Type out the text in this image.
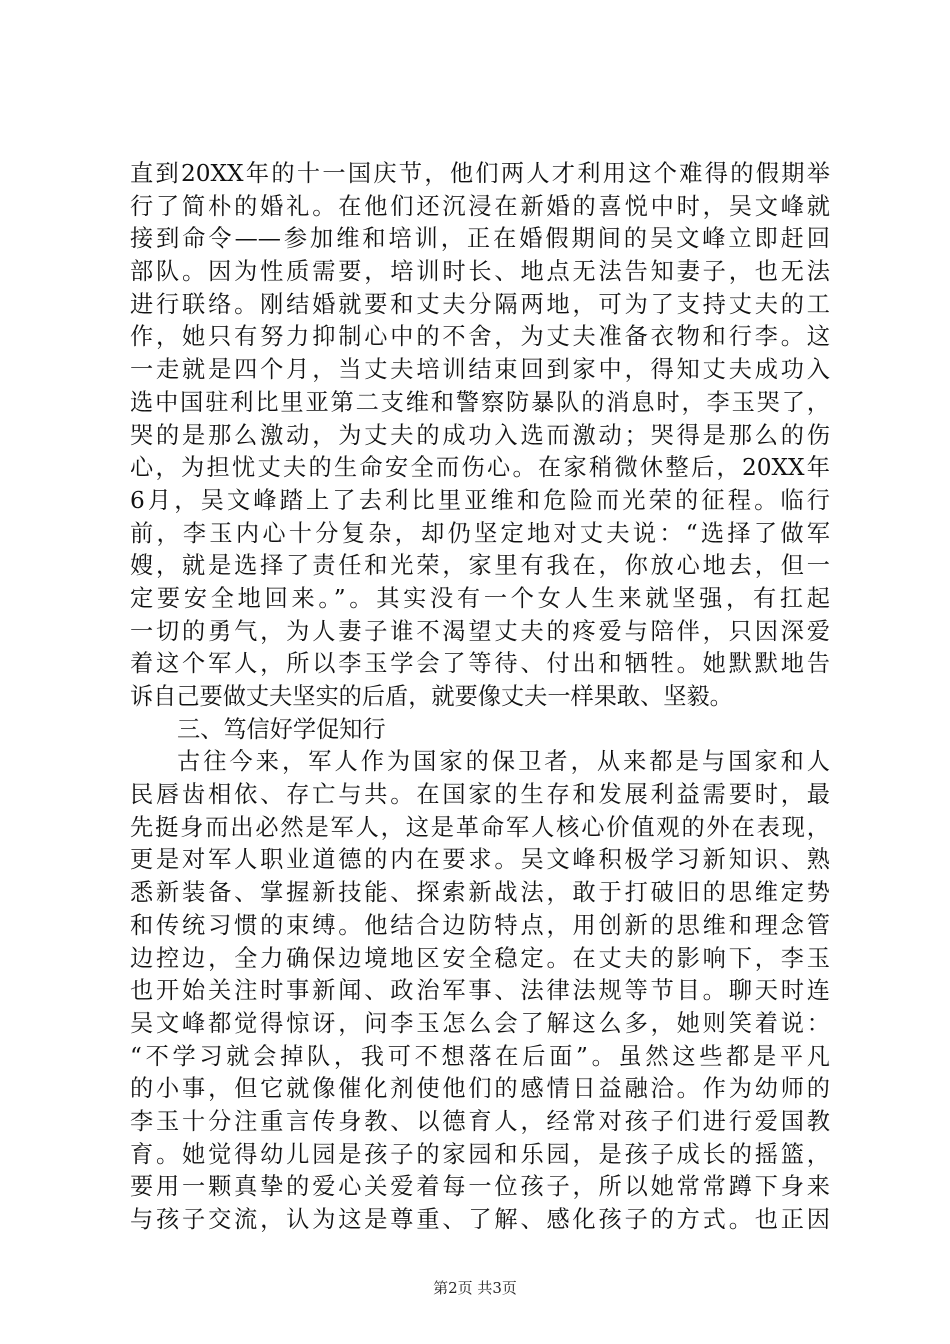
直到20XX年的十一国庆节，他们两人才利用这个难得的假期举
行了简朴的婚礼。在他们还沉浸在新婚的喜悦中时，吴文峰就
接到命令——参加维和培训，正在婚假期间的吴文峰立即赶回
部队。因为性质需要，培训时长、地点无法告知妻子，也无法
进行联络。刚结婚就要和丈夫分隔两地，可为了支持丈夫的工
作，她只有努力抑制心中的不舍，为丈夫准备衣物和行李。这
一走就是四个月，当丈夫培训结束回到家中，得知丈夫成功入
选中国驻利比里亚第二支维和警察防暴队的消息时，李玉哭了，
哭的是那么激动，为丈夫的成功入选而激动；哭得是那么的伤
心，为担忧丈夫的生命安全而伤心。在家稍微休整后，20XX年
6月，吴文峰踏上了去利比里亚维和危险而光荣的征程。临行
前，李玉内心十分复杂，却仍坚定地对丈夫说：“选择了做军
嫂，就是选择了责任和光荣，家里有我在，你放心地去，但一
定要安全地回来。”。其实没有一个女人生来就坚强，有扛起
一切的勇气，为人妻子谁不渴望丈夫的疼爱与陪伴，只因深爱
着这个军人，所以李玉学会了等待、付出和牺牲。她默默地告
诉自己要做丈夫坚实的后盾，就要像丈夫一样果敢、坚毅。
三、笃信好学促知行
古往今来，军人作为国家的保卫者，从来都是与国家和人
民唇齿相依、存亡与共。在国家的生存和发展利益需要时，最
先挺身而出必然是军人，这是革命军人核心价值观的外在表现，
更是对军人职业道德的内在要求。吴文峰积极学习新知识、熟
悉新装备、掌握新技能、探索新战法，敢于打破旧的思维定势
和传统习惯的束缚。他结合边防特点，用创新的思维和理念管
边控边，全力确保边境地区安全稳定。在丈夫的影响下，李玉
也开始关注时事新闻、政治军事、法律法规等节目。聊天时连
吴文峰都觉得惊讶，问李玉怎么会了解这么多，她则笑着说：
“不学习就会掉队，我可不想落在后面”。虽然这些都是平凡
的小事，但它就像催化剂使他们的感情日益融洽。作为幼师的
李玉十分注重言传身教、以德育人，经常对孩子们进行爱国教
育。她觉得幼儿园是孩子的家园和乐园，是孩子成长的摇篮，
要用一颗真挚的爱心关爱着每一位孩子，所以她常常蹲下身来
与孩子交流，认为这是尊重、了解、感化孩子的方式。也正因
第2页 共3页
